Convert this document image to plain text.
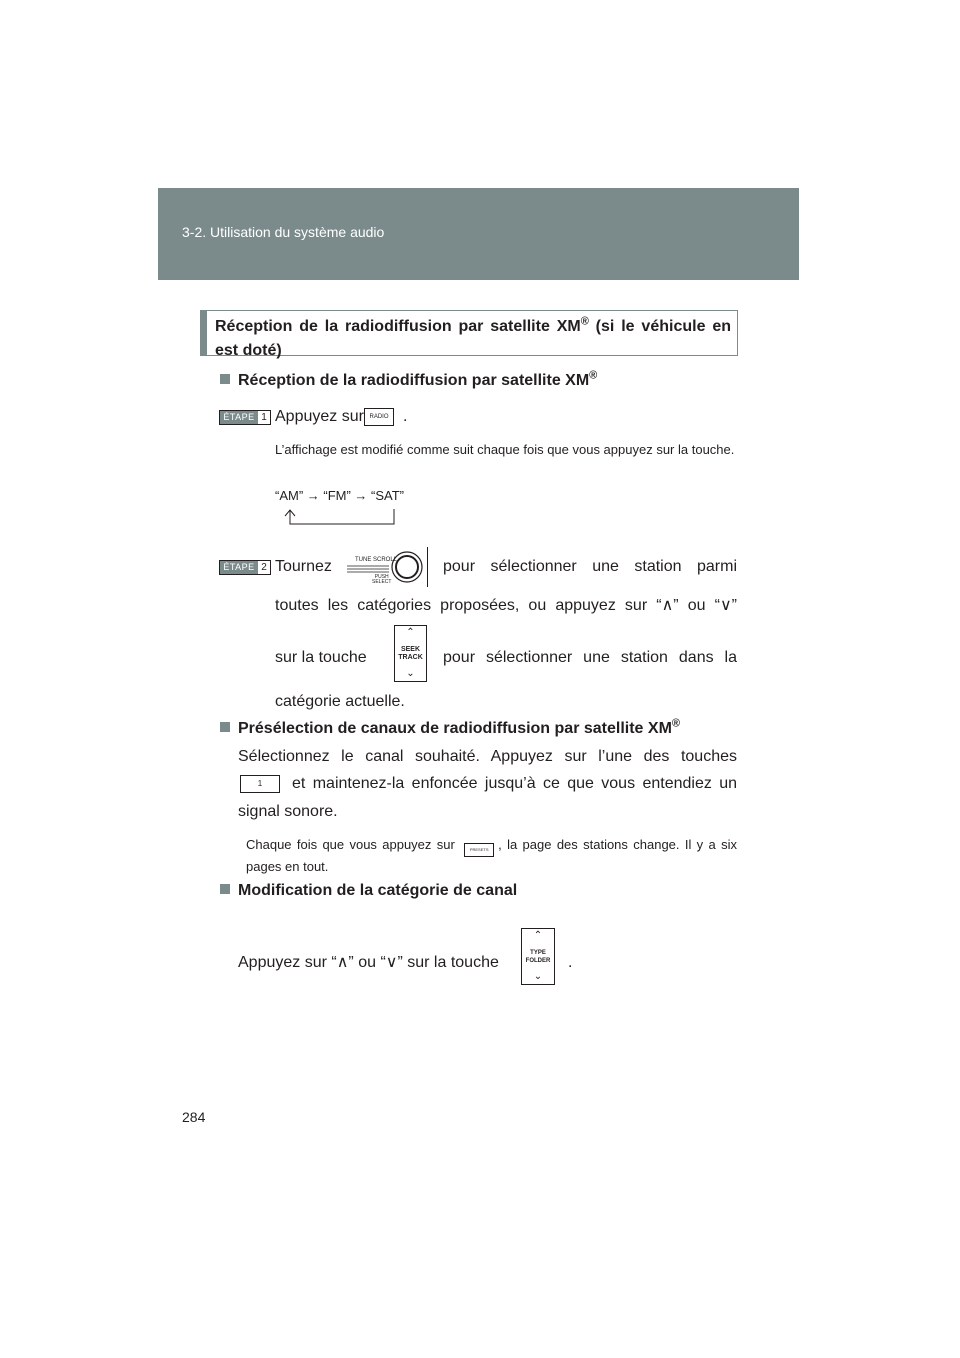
3-2. Utilisation du système audio
Réception de la radiodiffusion par satellite XM® (si le véhicule en est doté)
Réception de la radiodiffusion par satellite XM®
ÉTAPE 1 Appuyez sur RADIO .
L’affichage est modifié comme suit chaque fois que vous appuyez sur la touche.
“AM” → “FM” → “SAT”
ÉTAPE 2 Tournez	TUNE SCROLL
PUSH
SELECT
pour sélectionner une station parmi
toutes les catégories proposées, ou appuyez sur “∧” ou “∨”
sur la touche
⌃
SEEK
TRACK
⌄
pour sélectionner une station dans la
catégorie actuelle.
Présélection de canaux de radiodiffusion par satellite XM®
Sélectionnez le canal souhaité. Appuyez sur l’une des touches
1	et maintenez-la enfoncée jusqu’à ce que vous entendiez un
signal sonore.
Chaque fois que vous appuyez sur	PRESETS , la page des stations change. Il y a six pages en tout.
Modification de la catégorie de canal
Appuyez sur “∧” ou “∨” sur la touche
⌃
TYPE
FOLDER
⌄
.
284
